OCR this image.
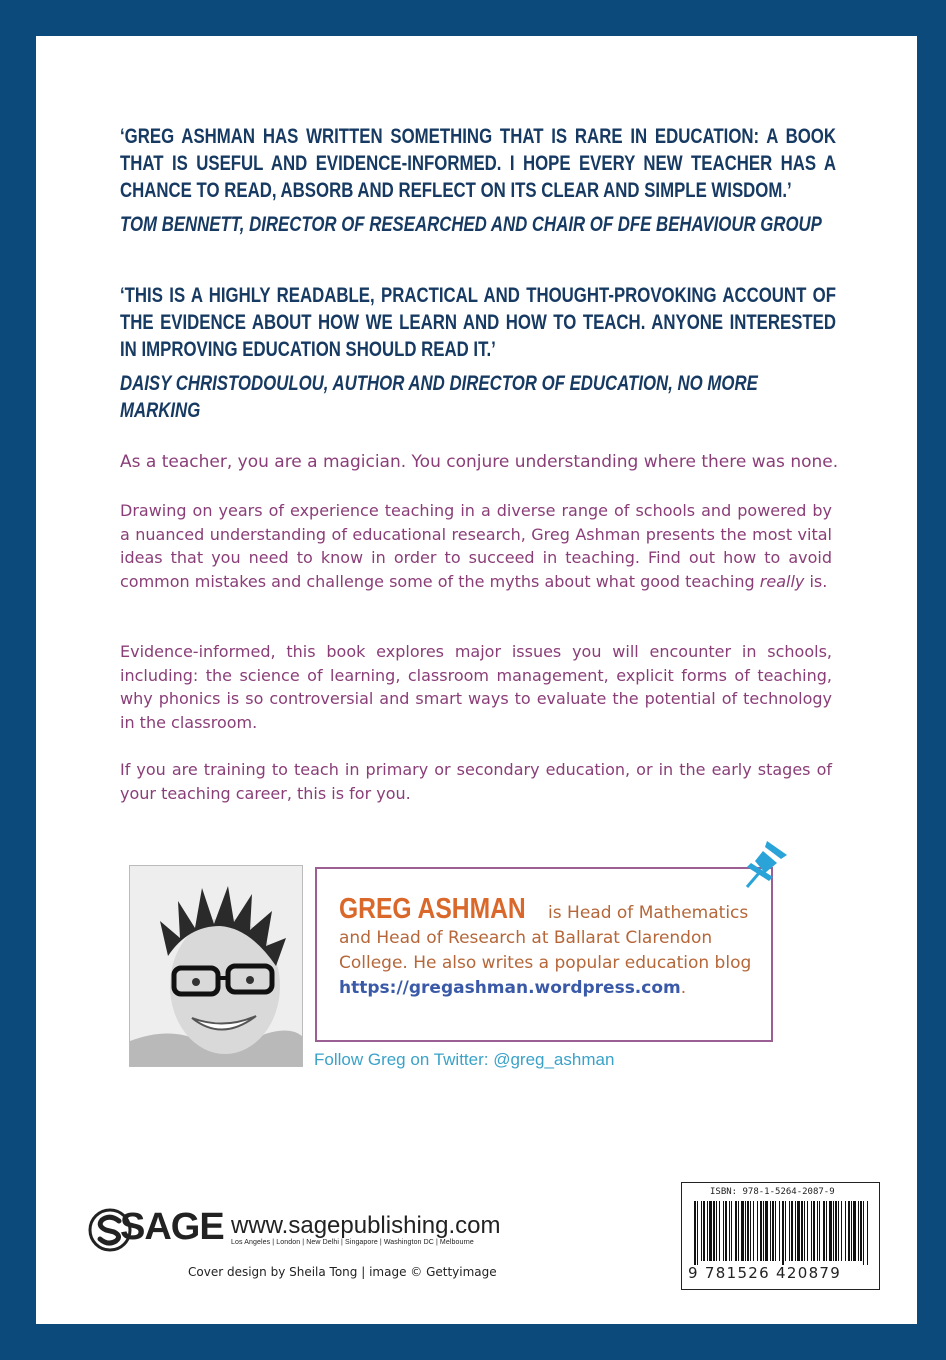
‘GREG ASHMAN HAS WRITTEN SOMETHING THAT IS RARE IN EDUCATION: A BOOK THAT IS USEFUL AND EVIDENCE-INFORMED. I HOPE EVERY NEW TEACHER HAS A CHANCE TO READ, ABSORB AND REFLECT ON ITS CLEAR AND SIMPLE WISDOM.’
TOM BENNETT, DIRECTOR OF RESEARCHED AND CHAIR OF DFE BEHAVIOUR GROUP
‘THIS IS A HIGHLY READABLE, PRACTICAL AND THOUGHT-PROVOKING ACCOUNT OF THE EVIDENCE ABOUT HOW WE LEARN AND HOW TO TEACH. ANYONE INTERESTED IN IMPROVING EDUCATION SHOULD READ IT.’
DAISY CHRISTODOULOU, AUTHOR AND DIRECTOR OF EDUCATION, NO MORE MARKING

As a teacher, you are a magician. You conjure understanding where there was none.

Drawing on years of experience teaching in a diverse range of schools and powered by a nuanced understanding of educational research, Greg Ashman presents the most vital ideas that you need to know in order to succeed in teaching. Find out how to avoid common mistakes and challenge some of the myths about what good teaching really is.

Evidence-informed, this book explores major issues you will encounter in schools, including: the science of learning, classroom management, explicit forms of teaching, why phonics is so controversial and smart ways to evaluate the potential of technology in the classroom.

If you are training to teach in primary or secondary education, or in the early stages of your teaching career, this is for you.

GREG ASHMAN is Head of Mathematics and Head of Research at Ballarat Clarendon College. He also writes a popular education blog https://gregashman.wordpress.com.

Follow Greg on Twitter: @greg_ashman
SAGE www.sagepublishing.com
Los Angeles | London | New Delhi | Singapore | Washington DC | Melbourne
Cover design by Sheila Tong | image © Gettyimage
ISBN: 978-1-5264-2087-9
9 781526 420879
